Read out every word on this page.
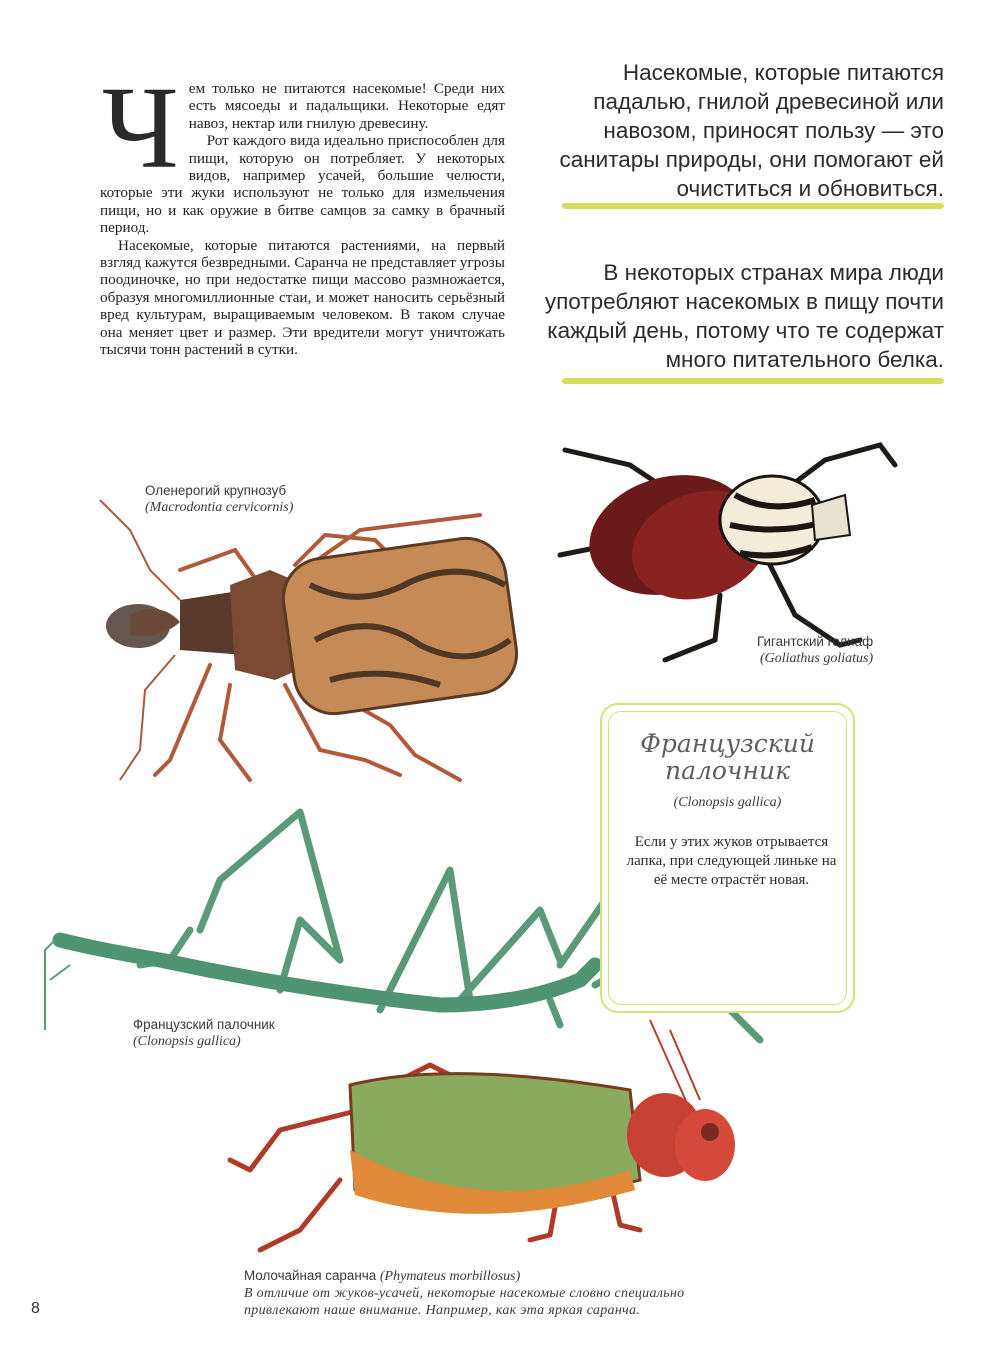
Ч ем только не питаются насекомые! Среди них есть мясоеды и падальщики. Некоторые едят навоз, нектар или гнилую древесину.

Рот каждого вида идеально приспособлен для пищи, которую он потребляет. У некоторых видов, например усачей, большие челюсти, которые эти жуки используют не только для измельчения пищи, но и как оружие в битве самцов за самку в брачный период.

Насекомые, которые питаются растениями, на первый взгляд кажутся безвредными. Саранча не представляет угрозы поодиночке, но при недостатке пищи массово размножается, образуя многомиллионные стаи, и может наносить серьёзный вред культурам, выращиваемым человеком. В таком случае она меняет цвет и размер. Эти вредители могут уничтожать тысячи тонн растений в сутки.

Насекомые, которые питаются падалью, гнилой древесиной или навозом, приносят пользу — это санитары природы, они помогают ей очиститься и обновиться.
В некоторых странах мира люди употребляют насекомых в пищу почти каждый день, потому что те содержат много питательного белка.
Оленерогий крупнозуб
(Macrodontia cervicornis)
Гигантский голиаф
(Goliathus goliatus)
Французский палочник
(Clonopsis gallica)
Молочайная саранча (Phymateus morbillosus)
В отличие от жуков-усачей, некоторые насекомые словно специально
привлекают наше внимание. Например, как эта яркая саранча.
Французский
палочник
(Clonopsis gallica)
Если у этих жуков отрывается лапка, при следующей линьке на её месте отрастёт новая.
8
